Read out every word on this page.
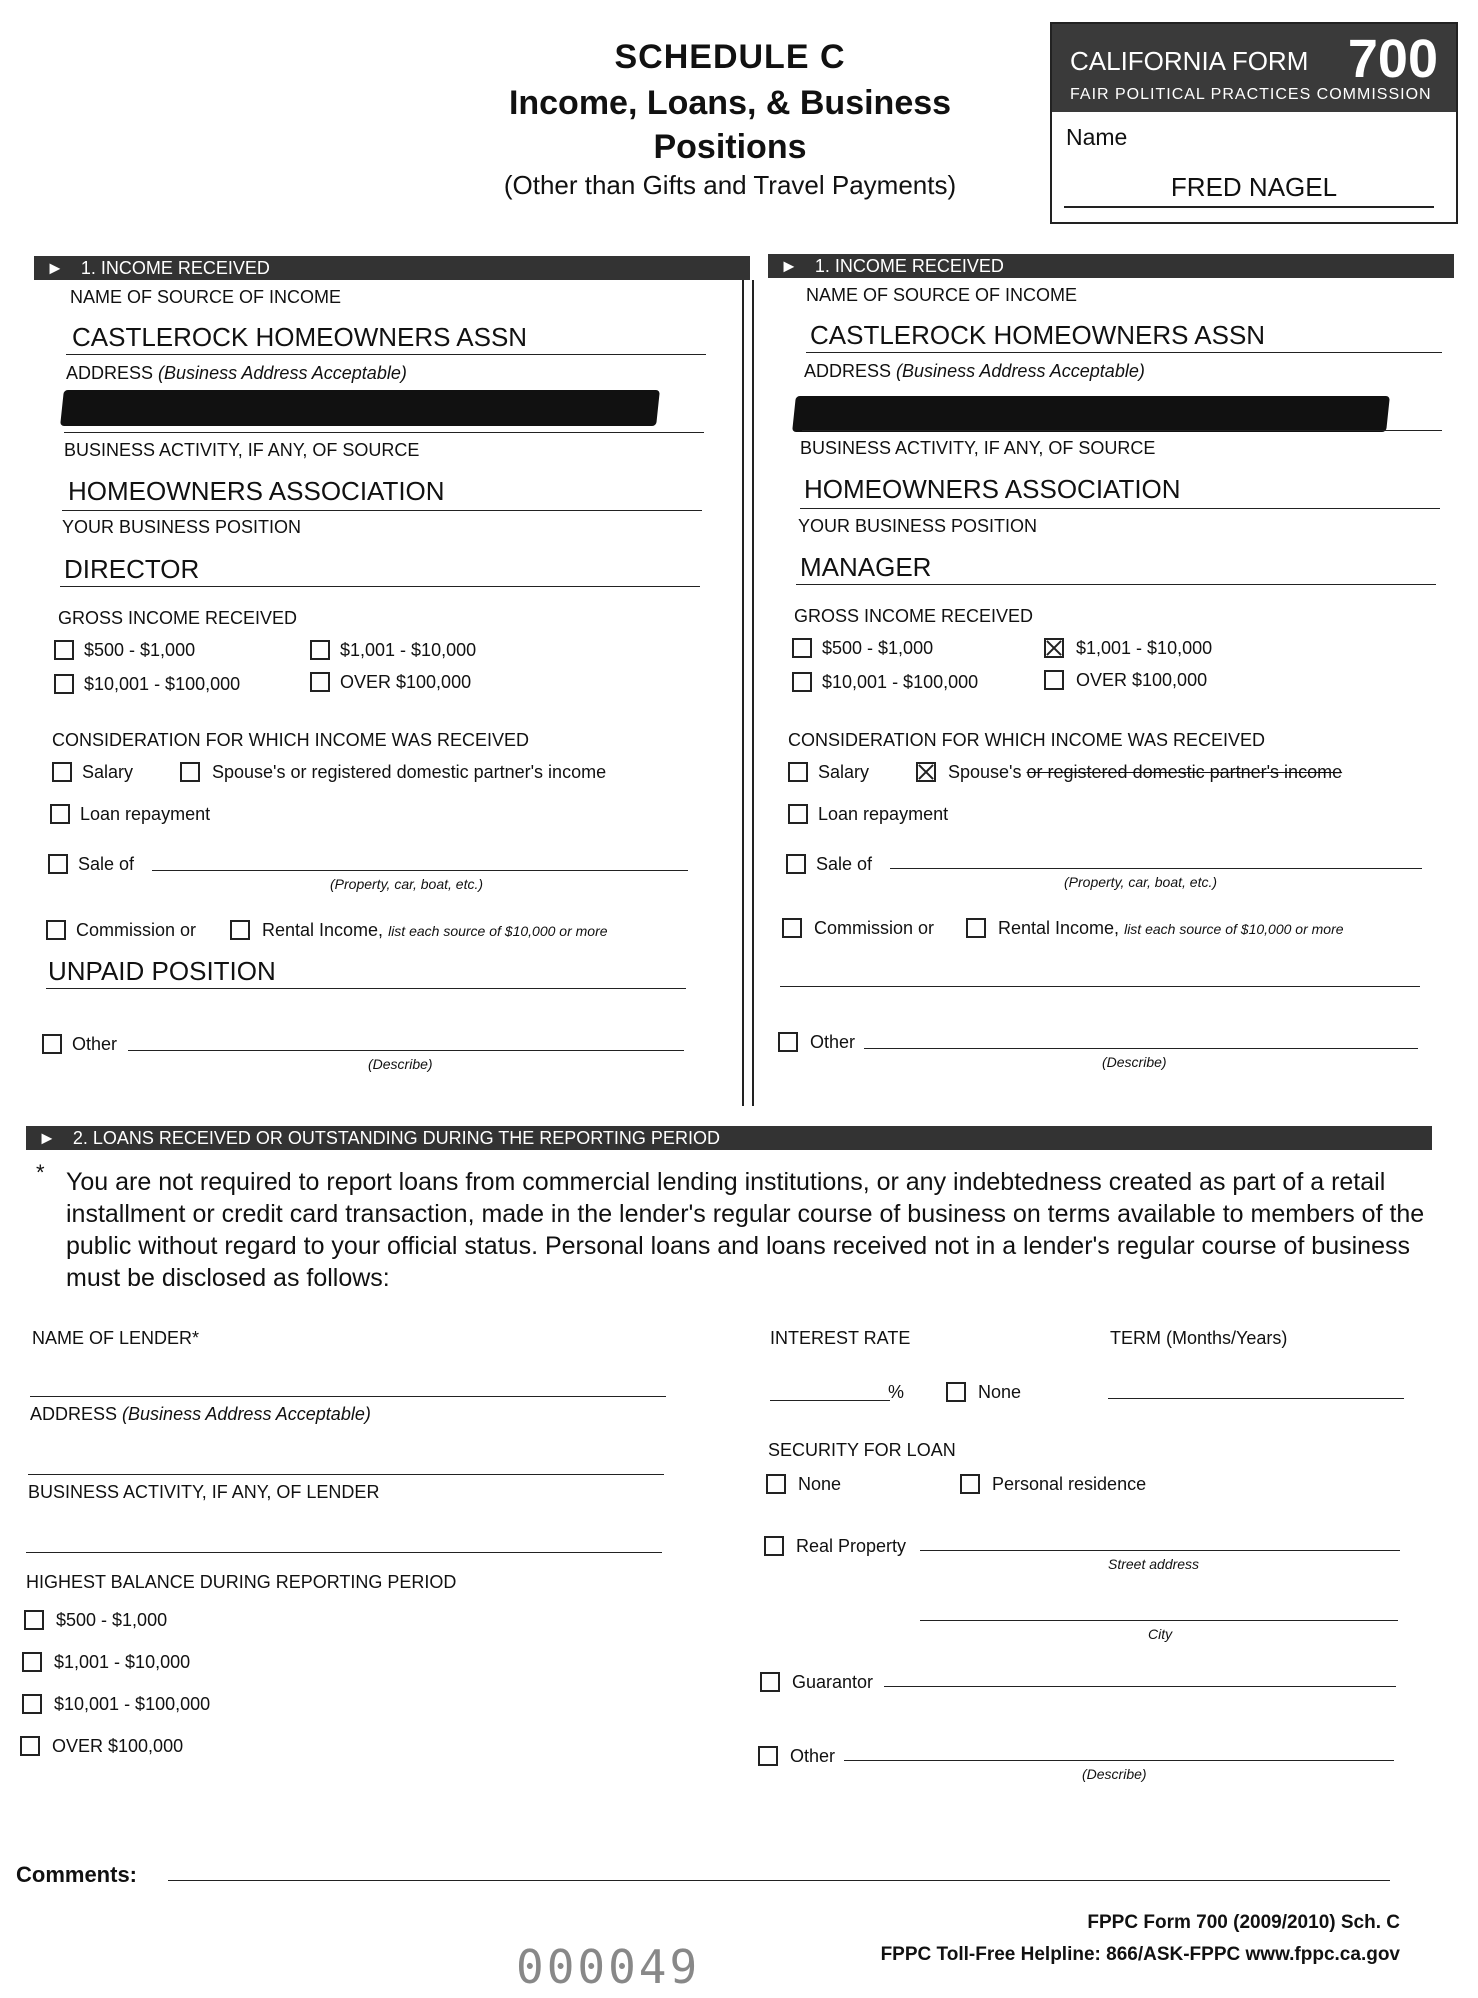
SCHEDULE C
Income, Loans, & Business
Positions
(Other than Gifts and Travel Payments)
CALIFORNIA FORM 700
FAIR POLITICAL PRACTICES COMMISSION
Name
FRED NAGEL
► 1. INCOME RECEIVED	► 1. INCOME RECEIVED
NAME OF SOURCE OF INCOME
CASTLEROCK HOMEOWNERS ASSN
ADDRESS (Business Address Acceptable)
BUSINESS ACTIVITY, IF ANY, OF SOURCE
HOMEOWNERS ASSOCIATION
YOUR BUSINESS POSITION
DIRECTOR
GROSS INCOME RECEIVED
$500 - $1,000	$1,001 - $10,000
$10,001 - $100,000	OVER $100,000
CONSIDERATION FOR WHICH INCOME WAS RECEIVED
Salary	Spouse's or registered domestic partner's income
Loan repayment
Sale of
(Property, car, boat, etc.)
Commission or	Rental Income, list each source of $10,000 or more
UNPAID POSITION
Other
(Describe)
NAME OF SOURCE OF INCOME
CASTLEROCK HOMEOWNERS ASSN
ADDRESS (Business Address Acceptable)
BUSINESS ACTIVITY, IF ANY, OF SOURCE
HOMEOWNERS ASSOCIATION
YOUR BUSINESS POSITION
MANAGER
GROSS INCOME RECEIVED
$500 - $1,000	$1,001 - $10,000
$10,001 - $100,000	OVER $100,000
CONSIDERATION FOR WHICH INCOME WAS RECEIVED
Salary	Spouse's or registered domestic partner's income
Loan repayment
Sale of
(Property, car, boat, etc.)
Commission or	Rental Income, list each source of $10,000 or more
Other
(Describe)
► 2. LOANS RECEIVED OR OUTSTANDING DURING THE REPORTING PERIOD
* You are not required to report loans from commercial lending institutions, or any indebtedness created as part of a retail installment or credit card transaction, made in the lender's regular course of business on terms available to members of the public without regard to your official status. Personal loans and loans received not in a lender's regular course of business must be disclosed as follows:
NAME OF LENDER*
ADDRESS (Business Address Acceptable)
BUSINESS ACTIVITY, IF ANY, OF LENDER
HIGHEST BALANCE DURING REPORTING PERIOD
$500 - $1,000
$1,001 - $10,000
$10,001 - $100,000
OVER $100,000
INTEREST RATE	TERM (Months/Years)
%	None
SECURITY FOR LOAN
None	Personal residence
Real Property
Street address
City
Guarantor
Other
(Describe)
Comments:
FPPC Form 700 (2009/2010) Sch. C
FPPC Toll-Free Helpline: 866/ASK-FPPC www.fppc.ca.gov
000049
